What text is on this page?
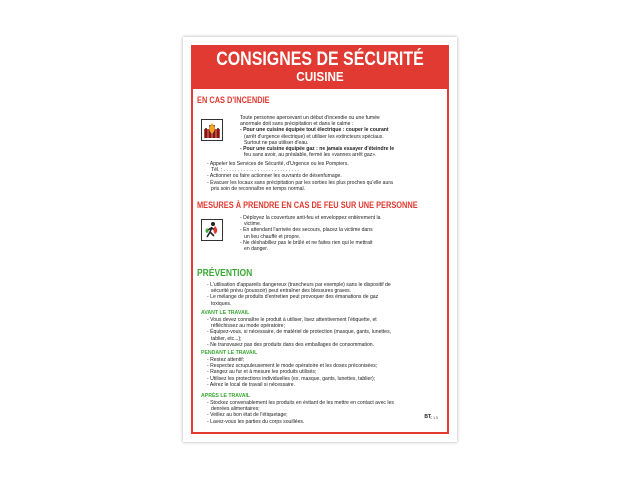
CONSIGNES DE SÉCURITÉ
CUISINE
EN CAS D'INCENDIE

Toute personne apercevant un début d'incendie ou une fumée

anormale doit sans précipitation et dans le calme :

- Pour une cuisine équipée tout électrique : couper le courant

(arrêt d'urgence électrique) et utiliser les extincteurs spéciaux.

Surtout ne pas utiliser d'eau.

- Pour une cuisine équipée gaz : ne jamais essayer d'éteindre le

feu sans avoir, au préalable, fermé les «vannes arrêt gaz».

- Appeler les Services de Sécurité, d'Urgence ou les Pompiers.

Tél. : . . . . . . . . . . . . . . . . . . . . . . . . . . .

- Actionner ou faire actionner les ouvrants de désenfumage.

- Évacuer les locaux sans précipitation par les sorties les plus proches qu'elle aura

pris soin de reconnaître en temps normal.

MESURES À PRENDRE EN CAS DE FEU SUR UNE PERSONNE

- Déployez la couverture anti-feu et enveloppez entièrement la

victime.

- En attendant l'arrivée des secours, placez la victime dans

un lieu chauffé et propre.

- Ne déshabillez pas le brûlé et ne faites rien qui le mettrait

en danger.

PRÉVENTION

- L'utilisation d'appareils dangereux (trancheurs par exemple) sans le dispositif de

sécurité prévu (poussoir) peut entraîner des blessures graves.

- Le mélange de produits d'entretien peut provoquer des émanations de gaz

toxiques.

AVANT LE TRAVAIL

- Vous devez connaître le produit à utiliser, lisez attentivement l'étiquette, et

réfléchissez au mode opératoire;

- Équipez-vous, si nécessaire, de matériel de protection (masque, gants, lunettes,

tablier, etc...);

- Ne transvasez pas des produits dans des emballages de consommation.

PENDANT LE TRAVAIL

- Restez attentif;

- Respectez scrupuleusement le mode opératoire et les doses préconisées;

- Rangez au fur et à mesure les produits utilisés;

- Utilisez les protections individuelles (ex. masque, gants, lunettes, tablier);

- Aérez le local de travail si nécessaire.

APRÈS LE TRAVAIL

- Stockez convenablement les produits en évitant de les mettre en contact avec les

denrées alimentaires;

- Veillez au bon état de l'étiquetage;

- Lavez-vous les parties du corps souillées.

BT
C 1.5
